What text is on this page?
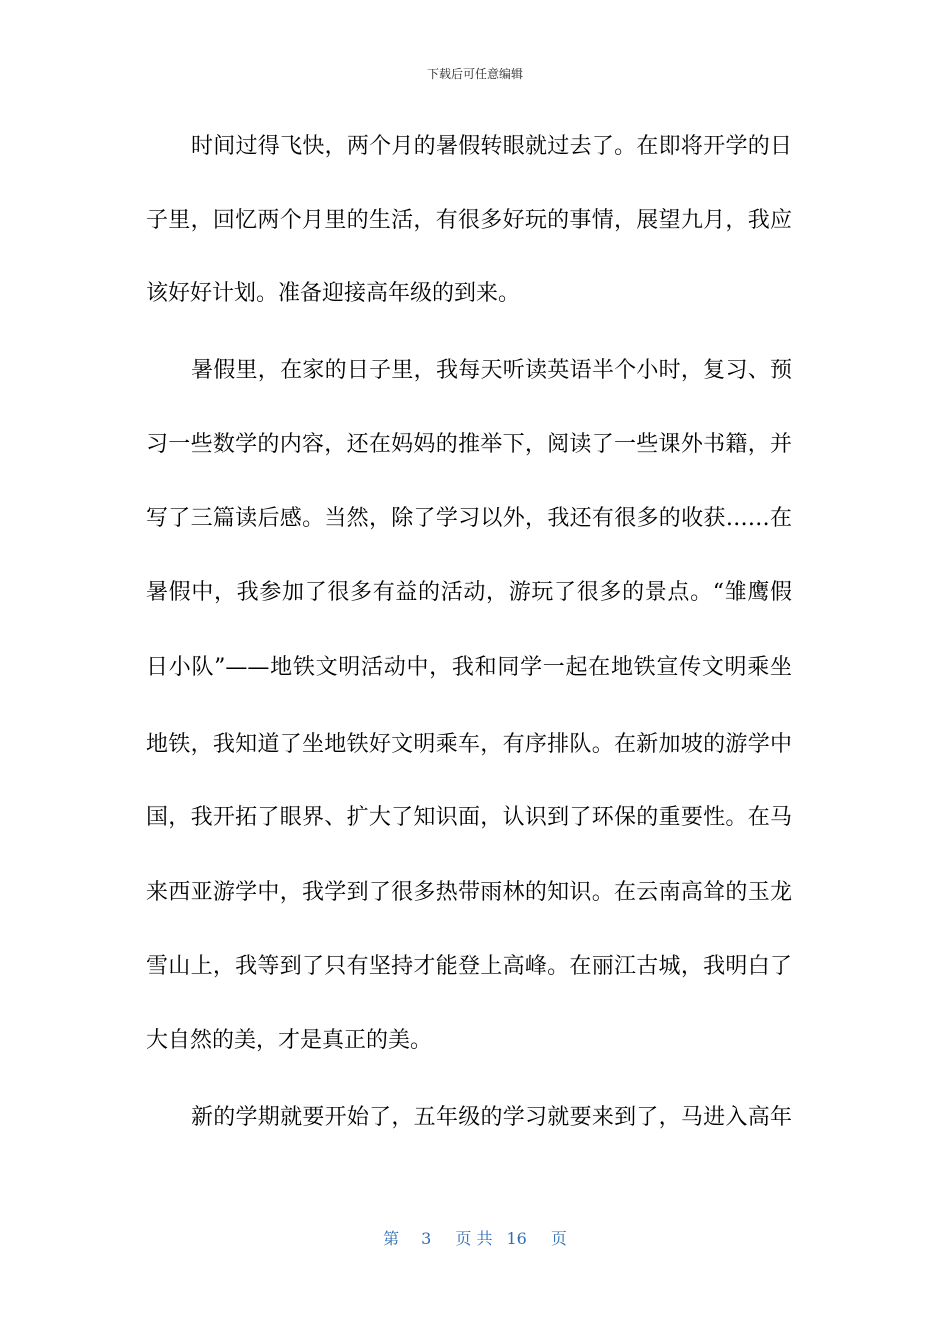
下载后可任意编辑
时间过得飞快，两个月的暑假转眼就过去了。在即将开学的日
子里，回忆两个月里的生活，有很多好玩的事情，展望九月，我应
该好好计划。准备迎接高年级的到来。
暑假里，在家的日子里，我每天听读英语半个小时，复习、预
习一些数学的内容，还在妈妈的推举下，阅读了一些课外书籍，并
写了三篇读后感。当然，除了学习以外，我还有很多的收获……在
暑假中，我参加了很多有益的活动，游玩了很多的景点。“雏鹰假
日小队”——地铁文明活动中，我和同学一起在地铁宣传文明乘坐
地铁，我知道了坐地铁好文明乘车，有序排队。在新加坡的游学中
国，我开拓了眼界、扩大了知识面，认识到了环保的重要性。在马
来西亚游学中，我学到了很多热带雨林的知识。在云南高耸的玉龙
雪山上，我等到了只有坚持才能登上高峰。在丽江古城，我明白了
大自然的美，才是真正的美。
新的学期就要开始了，五年级的学习就要来到了，马进入高年
第 3 页 共 16 页
